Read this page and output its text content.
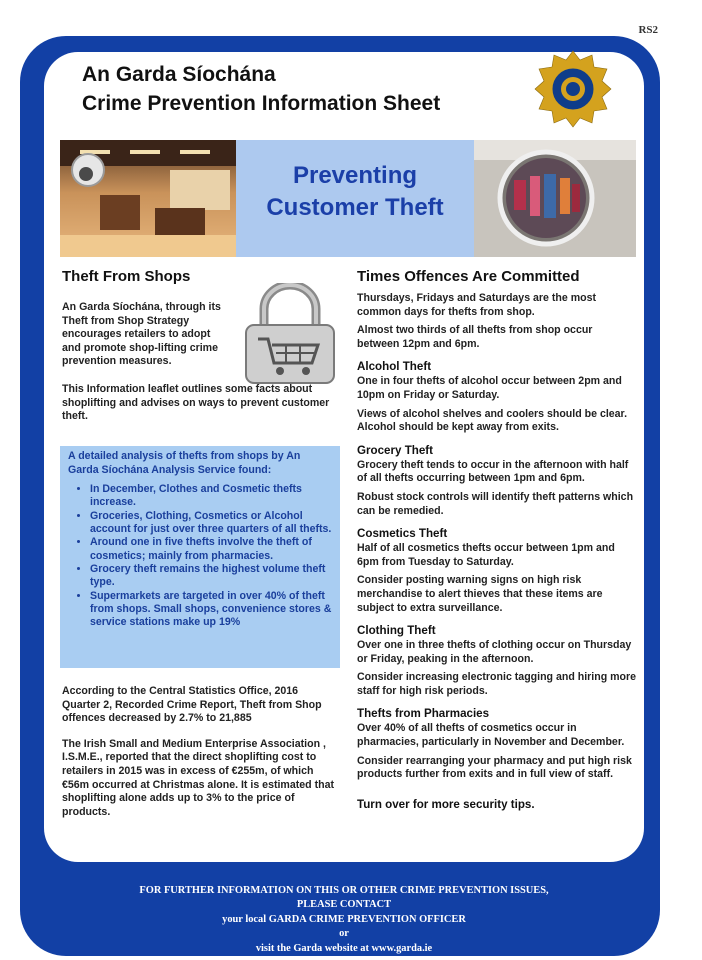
RS2
An Garda Síochána
Crime Prevention Information Sheet
Preventing
Customer Theft
Theft From Shops

An Garda Síochána, through its Theft from Shop Strategy encourages retailers to adopt and promote shop-lifting crime prevention measures.

This Information leaflet outlines some facts about shoplifting and advises on ways to prevent customer theft.

A detailed analysis of thefts from shops by An Garda Síochána Analysis Service found:

• In December, Clothes and Cosmetic thefts increase.
• Groceries, Clothing, Cosmetics or Alcohol account for just over three quarters of all thefts.
• Around one in five thefts involve the theft of cosmetics; mainly from pharmacies.
• Grocery theft remains the highest volume theft type.
• Supermarkets are targeted in over 40% of theft from shops. Small shops, convenience stores & service stations make up 19%

According to the Central Statistics Office, 2016 Quarter 2, Recorded Crime Report, Theft from Shop offences decreased by 2.7% to 21,885

The Irish Small and Medium Enterprise Association , I.S.M.E., reported that the direct shoplifting cost to retailers in 2015 was in excess of €255m, of which €56m occurred at Christmas alone. It is estimated that shoplifting alone adds up to 3% to the price of products.

Times Offences Are Committed

Thursdays, Fridays and Saturdays are the most common days for thefts from shop.

Almost two thirds of all thefts from shop occur between 12pm and 6pm.

Alcohol Theft

One in four thefts of alcohol occur between 2pm and 10pm on Friday or Saturday.

Views of alcohol shelves and coolers should be clear. Alcohol should be kept away from exits.

Grocery Theft

Grocery theft tends to occur in the afternoon with half of all thefts occurring between 1pm and 6pm.

Robust stock controls will identify theft patterns which can be remedied.

Cosmetics Theft

Half of all cosmetics thefts occur between 1pm and 6pm from Tuesday to Saturday.

Consider posting warning signs on high risk merchandise to alert thieves that these items are subject to extra surveillance.

Clothing Theft

Over one in three thefts of clothing occur on Thursday or Friday, peaking in the afternoon.

Consider increasing electronic tagging and hiring more staff for high risk periods.

Thefts from Pharmacies

Over 40% of all thefts of cosmetics occur in pharmacies, particularly in November and December.

Consider rearranging your pharmacy and put high risk products further from exits and in full view of staff.

Turn over for more security tips.

FOR FURTHER INFORMATION ON THIS OR OTHER CRIME PREVENTION ISSUES,
PLEASE CONTACT
your local GARDA CRIME PREVENTION OFFICER
or
visit the Garda website at www.garda.ie
